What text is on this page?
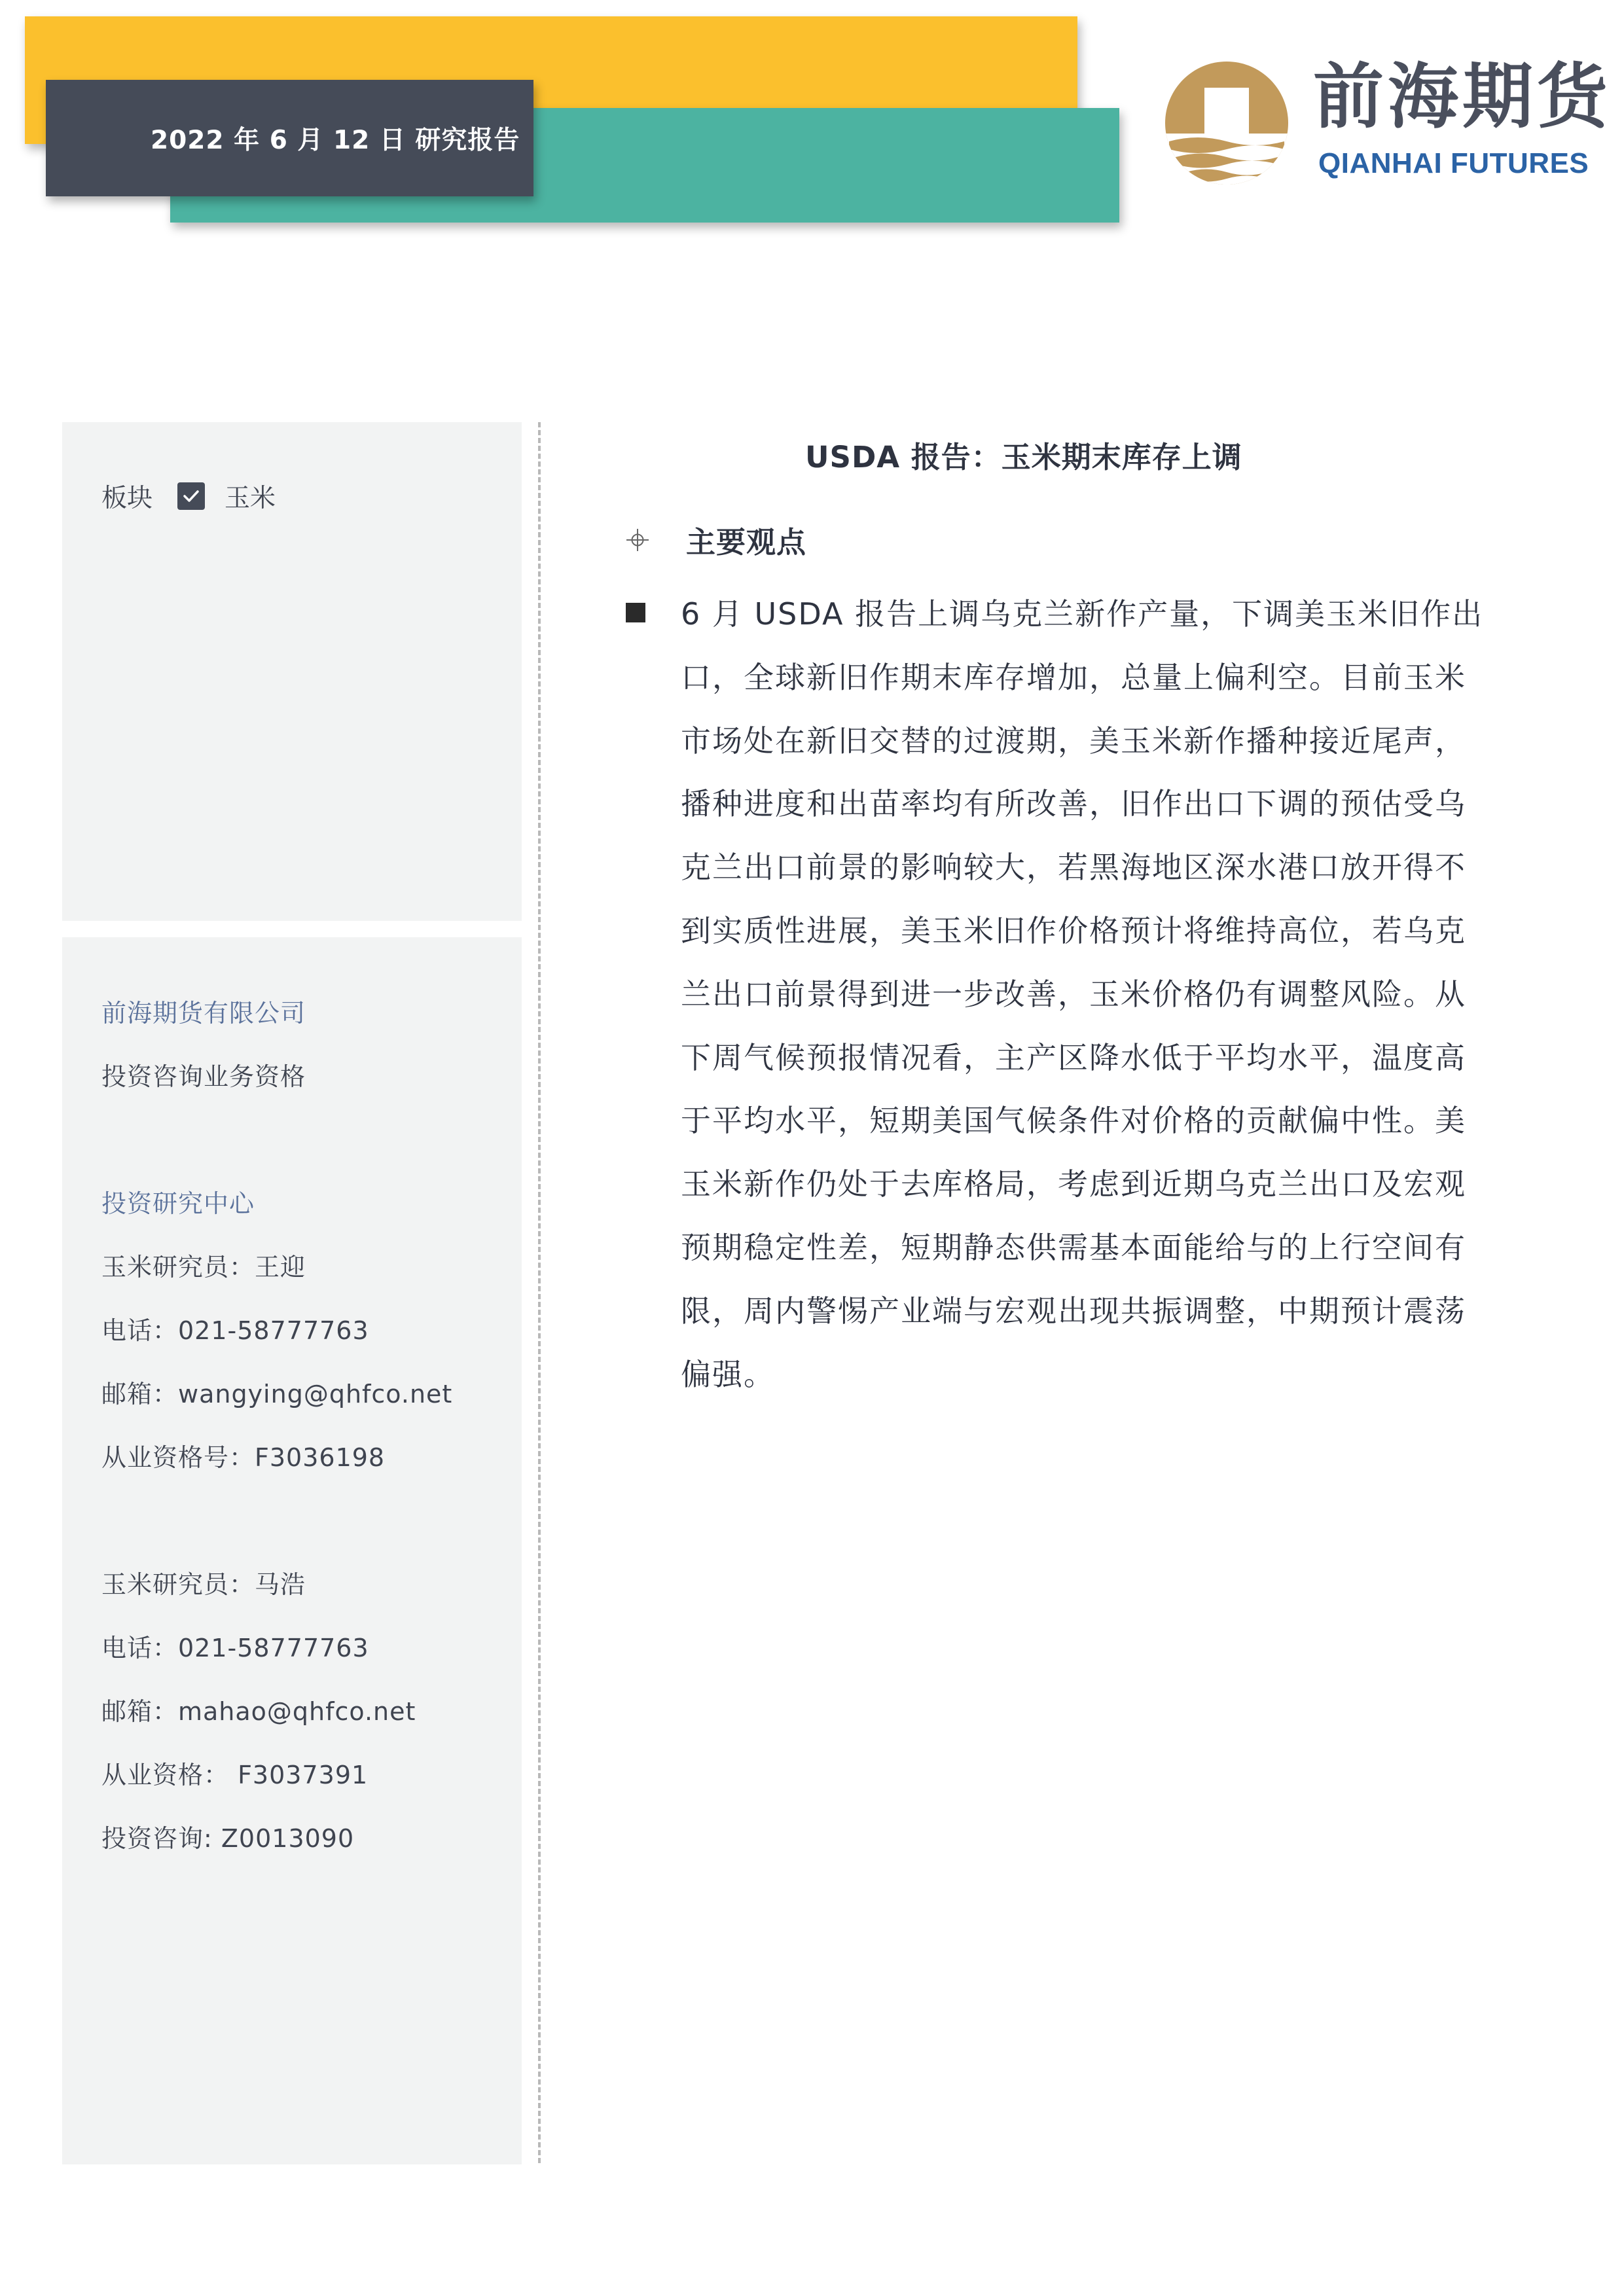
2022 年 6 月 12 日 研究报告
前海期货
QIANHAI FUTURES
板块	玉米
前海期货有限公司
投资咨询业务资格
投资研究中心
玉米研究员：王迎
电话：021-58777763
邮箱：wangying@qhfco.net
从业资格号：F3036198
玉米研究员：马浩
电话：021-58777763
邮箱：mahao@qhfco.net
从业资格： F3037391
投资咨询: Z0013090
USDA 报告：玉米期末库存上调
主要观点
6 月 USDA 报告上调乌克兰新作产量，下调美玉米旧作出
口，全球新旧作期末库存增加，总量上偏利空。目前玉米
市场处在新旧交替的过渡期，美玉米新作播种接近尾声，
播种进度和出苗率均有所改善，旧作出口下调的预估受乌
克兰出口前景的影响较大，若黑海地区深水港口放开得不
到实质性进展，美玉米旧作价格预计将维持高位，若乌克
兰出口前景得到进一步改善，玉米价格仍有调整风险。从
下周气候预报情况看，主产区降水低于平均水平，温度高
于平均水平，短期美国气候条件对价格的贡献偏中性。美
玉米新作仍处于去库格局，考虑到近期乌克兰出口及宏观
预期稳定性差，短期静态供需基本面能给与的上行空间有
限，周内警惕产业端与宏观出现共振调整，中期预计震荡
偏强。
